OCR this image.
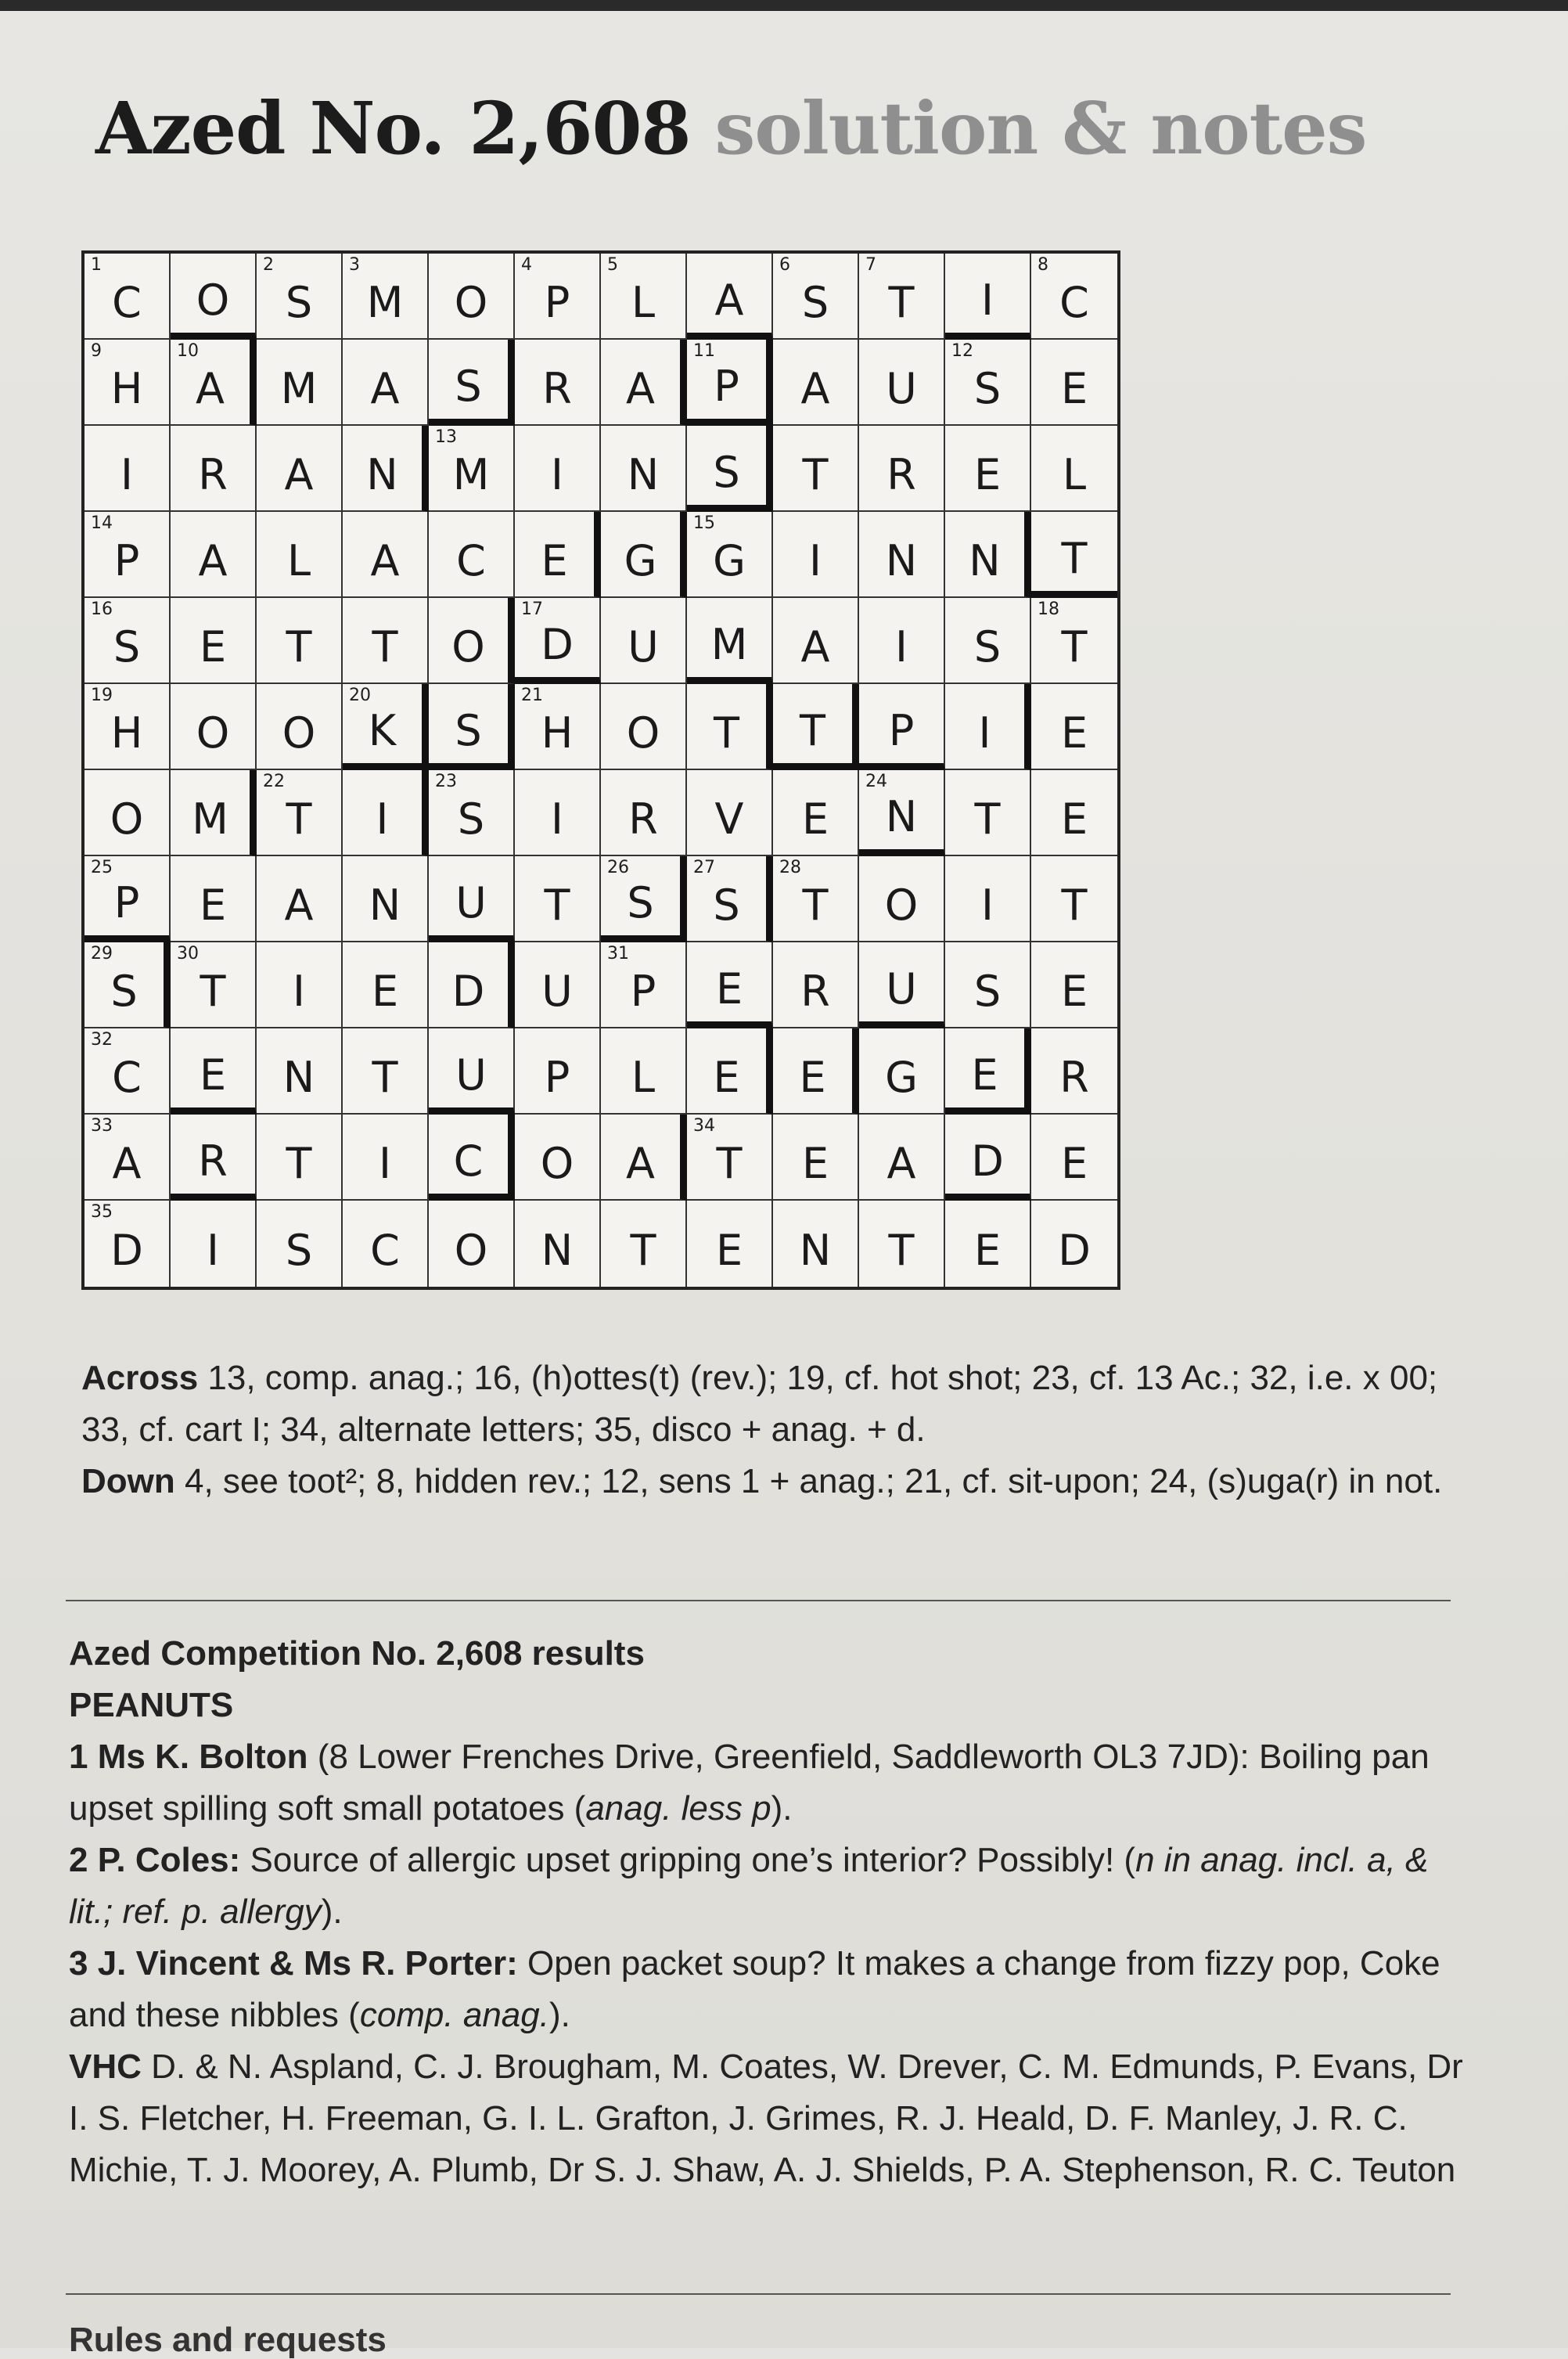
Azed No. 2,608 solution & notes
1
C O
2
S
3
M O
4
P
5
L A
6
S
7
T I
8
C
9
H
10
A M A S R A
11
P A U
12
S E
I R A N
13
M I N S T R E L
14
P A L A C E G
15
G I N N T
16
S E T T O
17
D U M A I S
18
T
19
H O O
20
K S
21
H O T T P I E
O M
22
T I
23
S I R V E
24
N T E
25
P E A N U T
26
S
27
S
28
T O I T
29
S
30
T I E D U
31
P E R U S E
32
C E N T U P L E E G E R
33
A R T I C O A
34
T E A D E
35
D I S C O N T E N T E D

Across 13, comp. anag.; 16, (h)ottes(t) (rev.); 19, cf. hot shot; 23, cf. 13 Ac.; 32, i.e. x 00; 33, cf. cart I; 34, alternate letters; 35, disco + anag. + d.

Down 4, see toot²; 8, hidden rev.; 12, sens 1 + anag.; 21, cf. sit-upon; 24, (s)uga(r) in not.

Azed Competition No. 2,608 results

PEANUTS

1 Ms K. Bolton (8 Lower Frenches Drive, Greenfield, Saddleworth OL3 7JD): Boiling pan upset spilling soft small potatoes (anag. less p).

2 P. Coles: Source of allergic upset gripping one’s interior? Possibly! (n in anag. incl. a, & lit.; ref. p. allergy).

3 J. Vincent & Ms R. Porter: Open packet soup? It makes a change from fizzy pop, Coke and these nibbles (comp. anag.).

VHC D. & N. Aspland, C. J. Brougham, M. Coates, W. Drever, C. M. Edmunds, P. Evans, Dr I. S. Fletcher, H. Freeman, G. I. L. Grafton, J. Grimes, R. J. Heald, D. F. Manley, J. R. C. Michie, T. J. Moorey, A. Plumb, Dr S. J. Shaw, A. J. Shields, P. A. Stephenson, R. C. Teuton

Rules and requests
